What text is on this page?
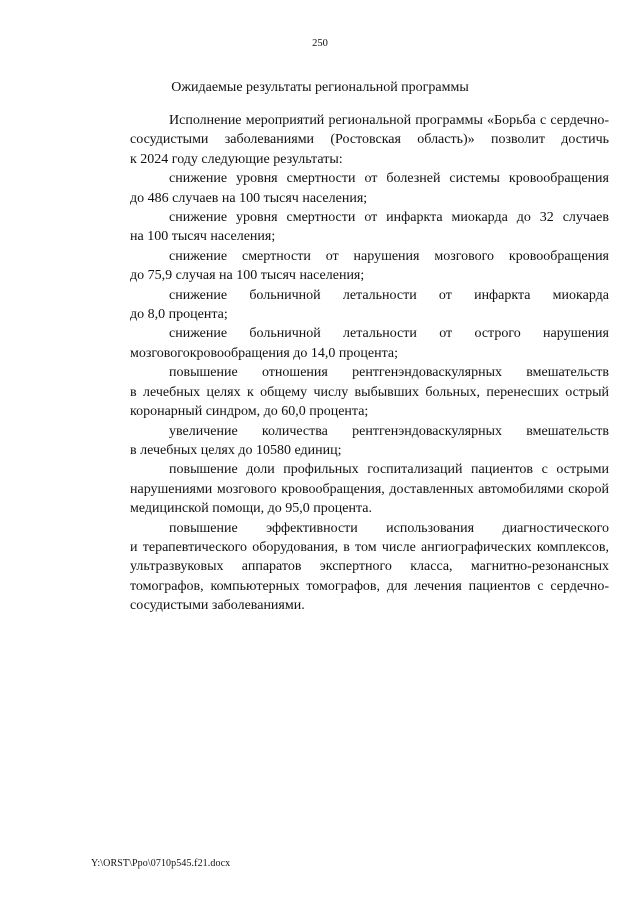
250
Ожидаемые результаты региональной программы

Исполнение мероприятий региональной программы «Борьба с сердечно-
сосудистыми заболеваниями (Ростовская область)» позволит достичь
к 2024 году следующие результаты:

снижение уровня смертности от болезней системы кровообращения
до 486 случаев на 100 тысяч населения;

снижение уровня смертности от инфаркта миокарда до 32 случаев
на 100 тысяч населения;

снижение смертности от нарушения мозгового кровообращения
до 75,9 случая на 100 тысяч населения;

снижение больничной летальности от инфаркта миокарда
до 8,0 процента;

снижение больничной летальности от острого нарушения
мозговогокровообращения до 14,0 процента;

повышение отношения рентгенэндоваскулярных вмешательств
в лечебных целях к общему числу выбывших больных, перенесших острый
коронарный синдром, до 60,0 процента;

увеличение количества рентгенэндоваскулярных вмешательств
в лечебных целях до 10580 единиц;

повышение доли профильных госпитализаций пациентов с острыми
нарушениями мозгового кровообращения, доставленных автомобилями скорой
медицинской помощи, до 95,0 процента.

повышение эффективности использования диагностического
и терапевтического оборудования, в том числе ангиографических комплексов,
ультразвуковых аппаратов экспертного класса, магнитно-резонансных
томографов, компьютерных томографов, для лечения пациентов с сердечно-
сосудистыми заболеваниями.

Y:\ORST\Ppo\0710p545.f21.docx
